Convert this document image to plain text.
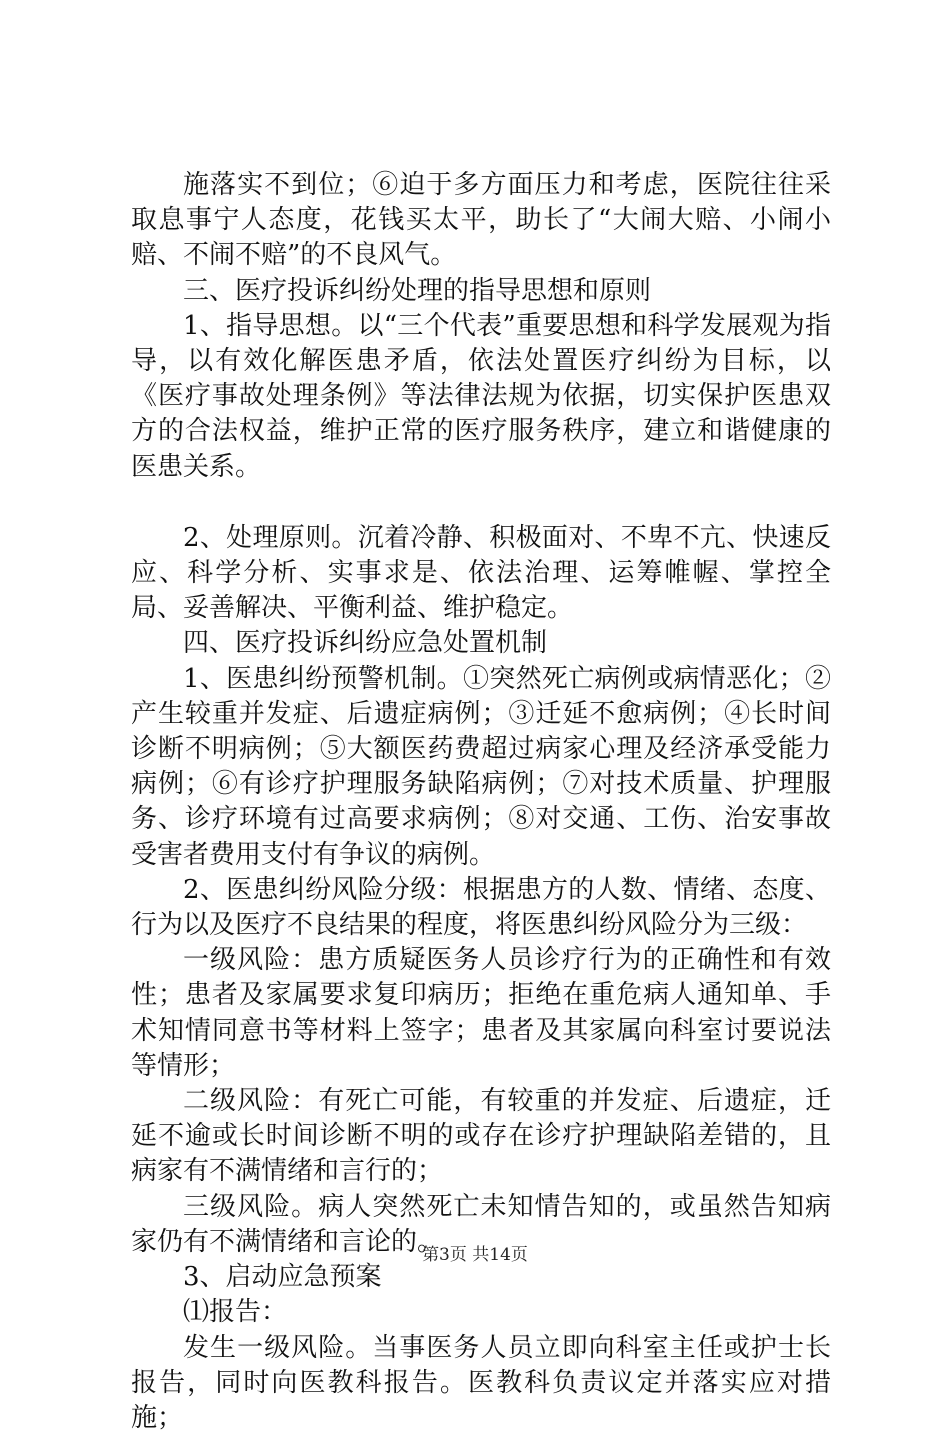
施落实不到位；⑥迫于多方面压力和考虑，医院往往采取息事宁人态度，花钱买太平，助长了“大闹大赔、小闹小赔、不闹不赔”的不良风气。

三、医疗投诉纠纷处理的指导思想和原则

1、指导思想。以“三个代表”重要思想和科学发展观为指导，以有效化解医患矛盾，依法处置医疗纠纷为目标，以《医疗事故处理条例》等法律法规为依据，切实保护医患双方的合法权益，维护正常的医疗服务秩序，建立和谐健康的医患关系。

2、处理原则。沉着冷静、积极面对、不卑不亢、快速反应、科学分析、实事求是、依法治理、运筹帷幄、掌控全局、妥善解决、平衡利益、维护稳定。

四、医疗投诉纠纷应急处置机制

1、医患纠纷预警机制。①突然死亡病例或病情恶化；②产生较重并发症、后遗症病例；③迁延不愈病例；④长时间诊断不明病例；⑤大额医药费超过病家心理及经济承受能力病例；⑥有诊疗护理服务缺陷病例；⑦对技术质量、护理服务、诊疗环境有过高要求病例；⑧对交通、工伤、治安事故受害者费用支付有争议的病例。

2、医患纠纷风险分级：根据患方的人数、情绪、态度、行为以及医疗不良结果的程度，将医患纠纷风险分为三级：

一级风险：患方质疑医务人员诊疗行为的正确性和有效性；患者及家属要求复印病历；拒绝在重危病人通知单、手术知情同意书等材料上签字；患者及其家属向科室讨要说法等情形；

二级风险：有死亡可能，有较重的并发症、后遗症，迁延不逾或长时间诊断不明的或存在诊疗护理缺陷差错的，且病家有不满情绪和言行的；

三级风险。病人突然死亡未知情告知的，或虽然告知病家仍有不满情绪和言论的。

3、启动应急预案

⑴报告：

发生一级风险。当事医务人员立即向科室主任或护士长报告，同时向医教科报告。医教科负责议定并落实应对措施；

第3页 共14页
